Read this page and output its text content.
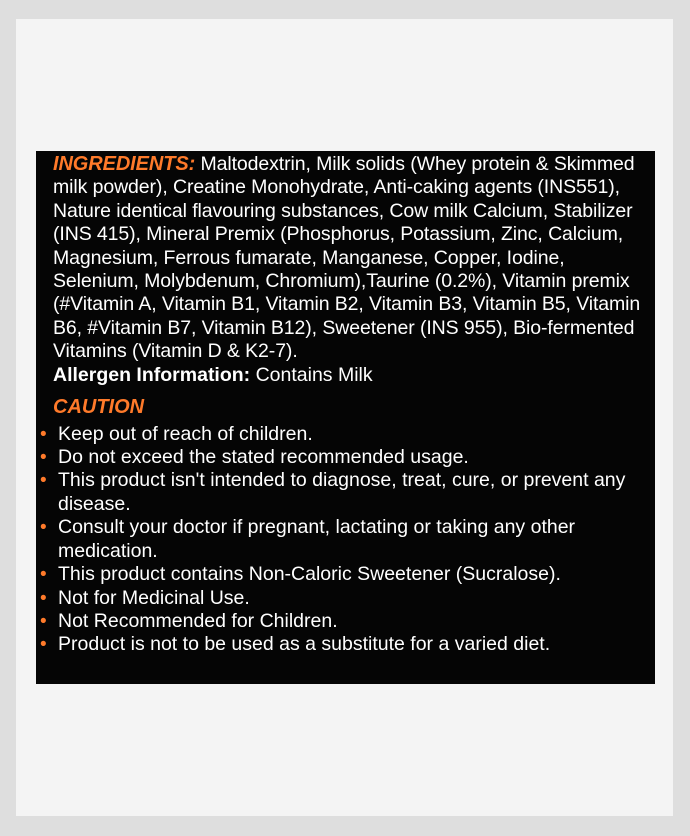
INGREDIENTS: Maltodextrin, Milk solids (Whey protein & Skimmed milk powder), Creatine Monohydrate, Anti-caking agents (INS551), Nature identical flavouring substances, Cow milk Calcium, Stabilizer (INS 415), Mineral Premix (Phosphorus, Potassium, Zinc, Calcium, Magnesium, Ferrous fumarate, Manganese, Copper, Iodine, Selenium, Molybdenum, Chromium),Taurine (0.2%), Vitamin premix (#Vitamin A, Vitamin B1, Vitamin B2, Vitamin B3, Vitamin B5, Vitamin B6, #Vitamin B7, Vitamin B12), Sweetener (INS 955), Bio-fermented Vitamins (Vitamin D & K2-7).

Allergen Information: Contains Milk

CAUTION
• Keep out of reach of children.
• Do not exceed the stated recommended usage.
• This product isn't intended to diagnose, treat, cure, or prevent any disease.
• Consult your doctor if pregnant, lactating or taking any other medication.
• This product contains Non-Caloric Sweetener (Sucralose).
• Not for Medicinal Use.
• Not Recommended for Children.
• Product is not to be used as a substitute for a varied diet.
